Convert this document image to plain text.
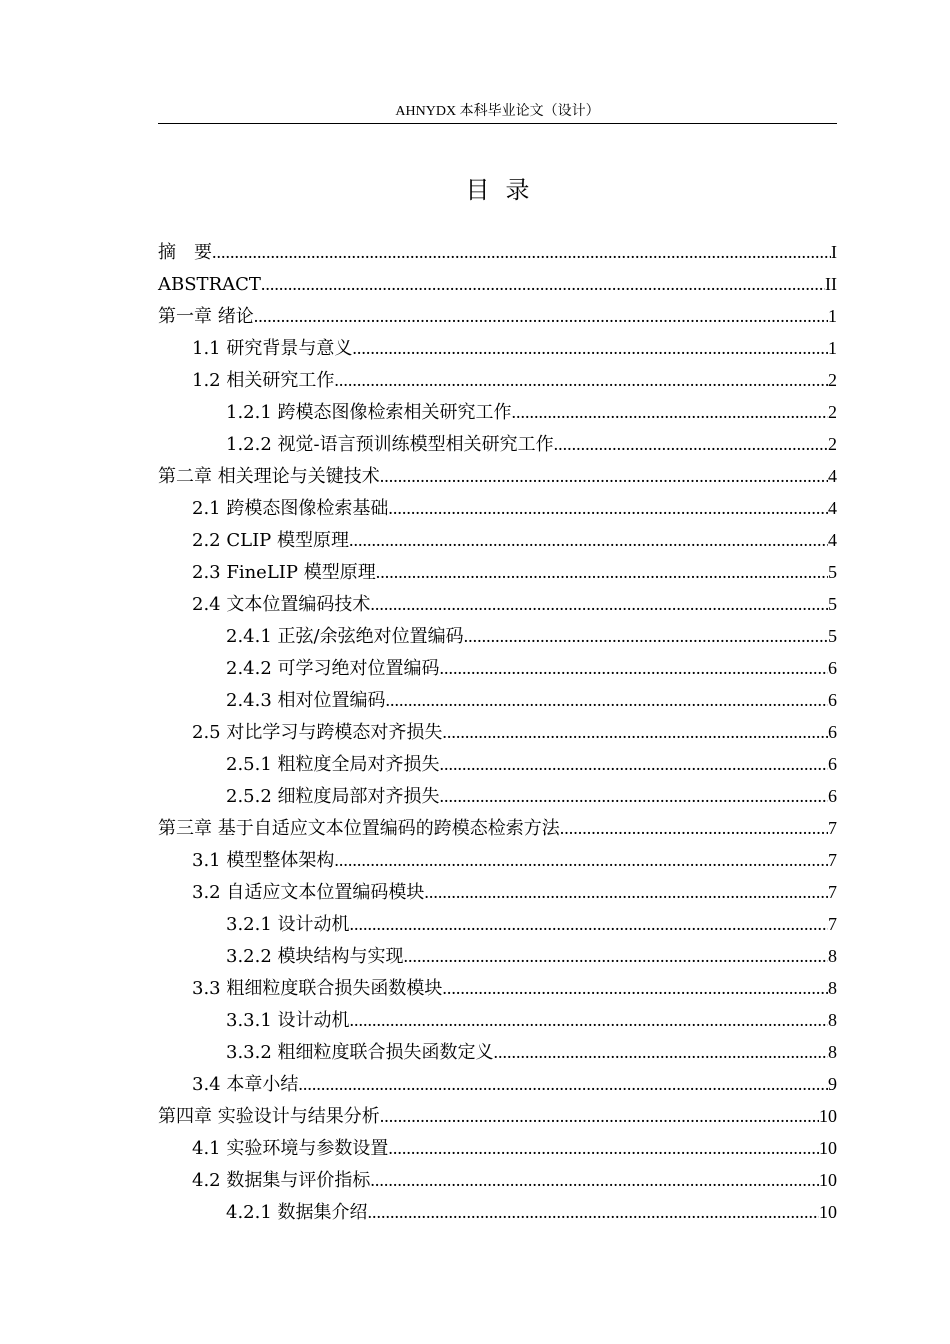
AHNYDX 本科毕业论文（设计）
目录
摘　要 .....	I
ABSTRACT .....	II
第一章 绪论 .....	1
1.1 研究背景与意义 .....	1
1.2 相关研究工作 .....	2
1.2.1 跨模态图像检索相关研究工作 .....	2
1.2.2 视觉-语言预训练模型相关研究工作 .....	2
第二章 相关理论与关键技术 .....	4
2.1 跨模态图像检索基础 .....	4
2.2 CLIP 模型原理 .....	4
2.3 FineLIP 模型原理 .....	5
2.4 文本位置编码技术 .....	5
2.4.1 正弦/余弦绝对位置编码 .....	5
2.4.2 可学习绝对位置编码 .....	6
2.4.3 相对位置编码 .....	6
2.5 对比学习与跨模态对齐损失 .....	6
2.5.1 粗粒度全局对齐损失 .....	6
2.5.2 细粒度局部对齐损失 .....	6
第三章 基于自适应文本位置编码的跨模态检索方法 .....	7
3.1 模型整体架构 .....	7
3.2 自适应文本位置编码模块 .....	7
3.2.1 设计动机 .....	7
3.2.2 模块结构与实现 .....	8
3.3 粗细粒度联合损失函数模块 .....	8
3.3.1 设计动机 .....	8
3.3.2 粗细粒度联合损失函数定义 .....	8
3.4 本章小结 .....	9
第四章 实验设计与结果分析 .....	10
4.1 实验环境与参数设置 .....	10
4.2 数据集与评价指标 .....	10
4.2.1 数据集介绍 .....	10
